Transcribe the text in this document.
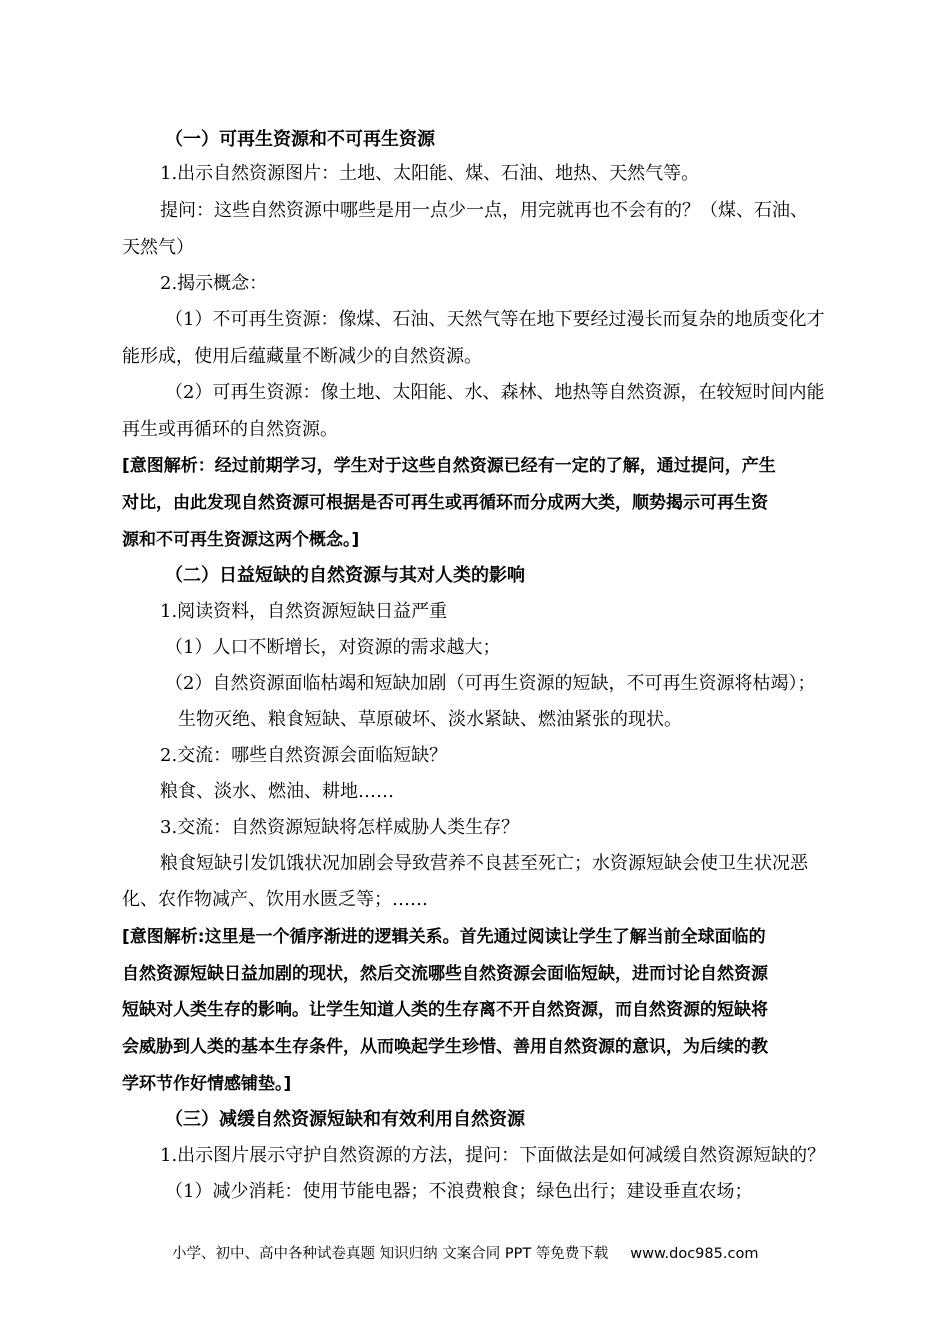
（一）可再生资源和不可再生资源
1.出示自然资源图片：土地、太阳能、煤、石油、地热、天然气等。
提问：这些自然资源中哪些是用一点少一点，用完就再也不会有的？（煤、石油、
天然气）
2.揭示概念：
（1）不可再生资源：像煤、石油、天然气等在地下要经过漫长而复杂的地质变化才
能形成，使用后蕴藏量不断减少的自然资源。
（2）可再生资源：像土地、太阳能、水、森林、地热等自然资源，在较短时间内能
再生或再循环的自然资源。
[意图解析：经过前期学习，学生对于这些自然资源已经有一定的了解，通过提问，产生
对比，由此发现自然资源可根据是否可再生或再循环而分成两大类，顺势揭示可再生资
源和不可再生资源这两个概念。]
（二）日益短缺的自然资源与其对人类的影响
1.阅读资料，自然资源短缺日益严重
（1）人口不断增长，对资源的需求越大；
（2）自然资源面临枯竭和短缺加剧（可再生资源的短缺，不可再生资源将枯竭）；
生物灭绝、粮食短缺、草原破坏、淡水紧缺、燃油紧张的现状。
2.交流：哪些自然资源会面临短缺？
粮食、淡水、燃油、耕地……
3.交流：自然资源短缺将怎样威胁人类生存？
粮食短缺引发饥饿状况加剧会导致营养不良甚至死亡；水资源短缺会使卫生状况恶
化、农作物减产、饮用水匮乏等；……
[意图解析:这里是一个循序渐进的逻辑关系。首先通过阅读让学生了解当前全球面临的
自然资源短缺日益加剧的现状，然后交流哪些自然资源会面临短缺，进而讨论自然资源
短缺对人类生存的影响。让学生知道人类的生存离不开自然资源，而自然资源的短缺将
会威胁到人类的基本生存条件，从而唤起学生珍惜、善用自然资源的意识，为后续的教
学环节作好情感铺垫。]
（三）减缓自然资源短缺和有效利用自然资源
1.出示图片展示守护自然资源的方法，提问：下面做法是如何减缓自然资源短缺的？
（1）减少消耗：使用节能电器；不浪费粮食；绿色出行；建设垂直农场；
小学、初中、高中各种试卷真题 知识归纳 文案合同 PPT 等免费下载 www.doc985.com
